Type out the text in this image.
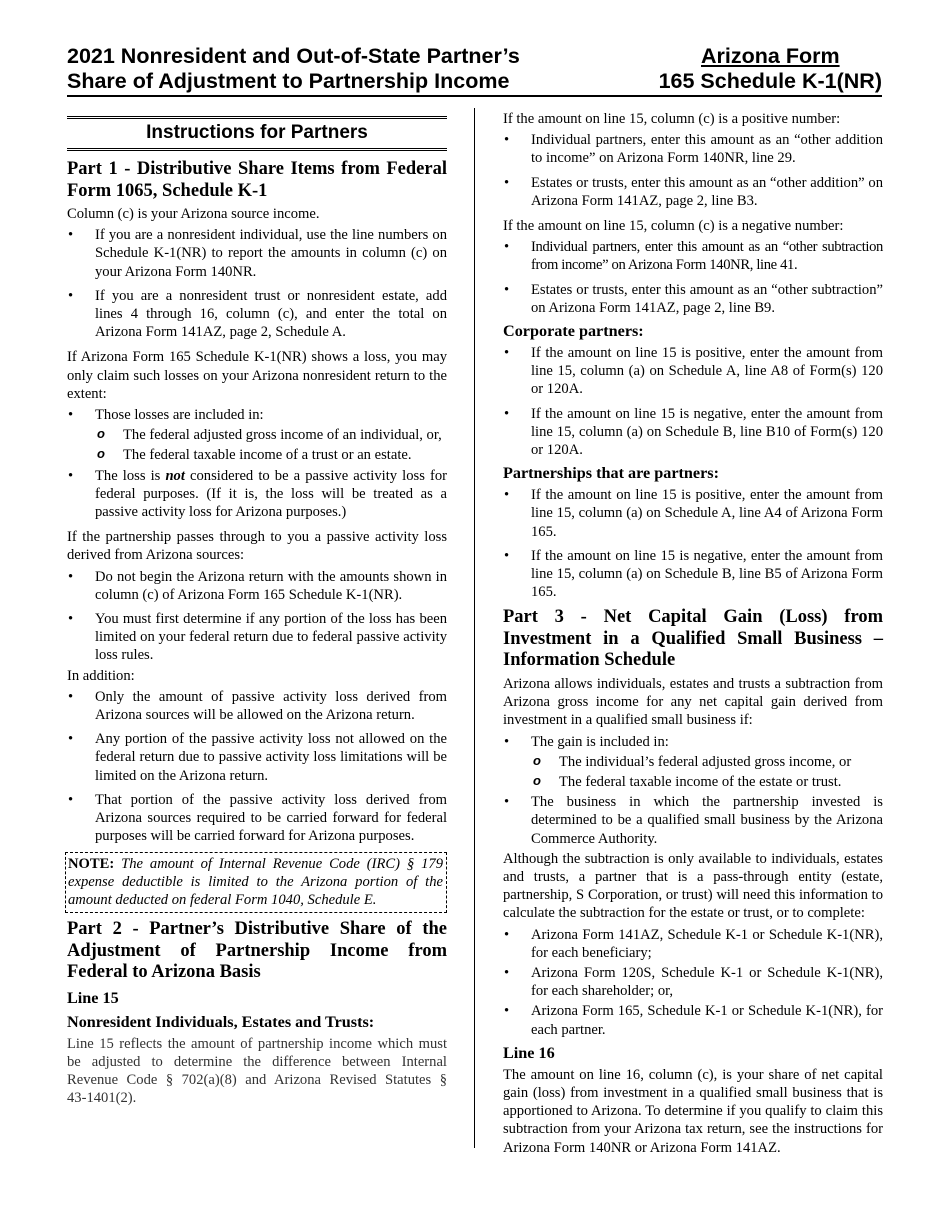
2021 Nonresident and Out-of-State Partner’s
Share of Adjustment to Partnership Income
Arizona Form
165 Schedule K-1(NR)
Instructions for Partners
Part 1 - Distributive Share Items from Federal Form 1065, Schedule K-1

Column (c) is your Arizona source income.

• If you are a nonresident individual, use the line numbers on Schedule K-1(NR) to report the amounts in column (c) on your Arizona Form 140NR.
• If you are a nonresident trust or nonresident estate, add lines 4 through 16, column (c), and enter the total on Arizona Form 141AZ, page 2, Schedule A.

If Arizona Form 165 Schedule K-1(NR) shows a loss, you may only claim such losses on your Arizona nonresident return to the extent:

• Those losses are included in:
o The federal adjusted gross income of an individual, or,
o The federal taxable income of a trust or an estate.
• The loss is not considered to be a passive activity loss for federal purposes. (If it is, the loss will be treated as a passive activity loss for Arizona purposes.)

If the partnership passes through to you a passive activity loss derived from Arizona sources:

• Do not begin the Arizona return with the amounts shown in column (c) of Arizona Form 165 Schedule K-1(NR).
• You must first determine if any portion of the loss has been limited on your federal return due to federal passive activity loss rules.

In addition:

• Only the amount of passive activity loss derived from Arizona sources will be allowed on the Arizona return.
• Any portion of the passive activity loss not allowed on the federal return due to passive activity loss limitations will be limited on the Arizona return.
• That portion of the passive activity loss derived from Arizona sources required to be carried forward for federal purposes will be carried forward for Arizona purposes.
NOTE: The amount of Internal Revenue Code (IRC) § 179 expense deductible is limited to the Arizona portion of the amount deducted on federal Form 1040, Schedule E.
Part 2 - Partner’s Distributive Share of the Adjustment of Partnership Income from Federal to Arizona Basis
Line 15
Nonresident Individuals, Estates and Trusts:

Line 15 reflects the amount of partnership income which must be adjusted to determine the difference between Internal Revenue Code § 702(a)(8) and Arizona Revised Statutes § 43‑1401(2).

If the amount on line 15, column (c) is a positive number:

• Individual partners, enter this amount as an “other addition to income” on Arizona Form 140NR, line 29.
• Estates or trusts, enter this amount as an “other addition” on Arizona Form 141AZ, page 2, line B3.

If the amount on line 15, column (c) is a negative number:

• Individual partners, enter this amount as an “other subtraction from income” on Arizona Form 140NR, line 41.
• Estates or trusts, enter this amount as an “other subtraction” on Arizona Form 141AZ, page 2, line B9.
Corporate partners:
• If the amount on line 15 is positive, enter the amount from line 15, column (a) on Schedule A, line A8 of Form(s) 120 or 120A.
• If the amount on line 15 is negative, enter the amount from line 15, column (a) on Schedule B, line B10 of Form(s) 120 or 120A.
Partnerships that are partners:
• If the amount on line 15 is positive, enter the amount from line 15, column (a) on Schedule A, line A4 of Arizona Form 165.
• If the amount on line 15 is negative, enter the amount from line 15, column (a) on Schedule B, line B5 of Arizona Form 165.
Part 3 - Net Capital Gain (Loss) from Investment in a Qualified Small Business – Information Schedule

Arizona allows individuals, estates and trusts a subtraction from Arizona gross income for any net capital gain derived from investment in a qualified small business if:

• The gain is included in:
o The individual’s federal adjusted gross income, or
o The federal taxable income of the estate or trust.
• The business in which the partnership invested is determined to be a qualified small business by the Arizona Commerce Authority.

Although the subtraction is only available to individuals, estates and trusts, a partner that is a pass-through entity (estate, partnership, S Corporation, or trust) will need this information to calculate the subtraction for the estate or trust, or to complete:

• Arizona Form 141AZ, Schedule K-1 or Schedule K-1(NR), for each beneficiary;
• Arizona Form 120S, Schedule K-1 or Schedule K-1(NR), for each shareholder; or,
• Arizona Form 165, Schedule K-1 or Schedule K-1(NR), for each partner.
Line 16

The amount on line 16, column (c), is your share of net capital gain (loss) from investment in a qualified small business that is apportioned to Arizona. To determine if you qualify to claim this subtraction from your Arizona tax return, see the instructions for Arizona Form 140NR or Arizona Form 141AZ.
